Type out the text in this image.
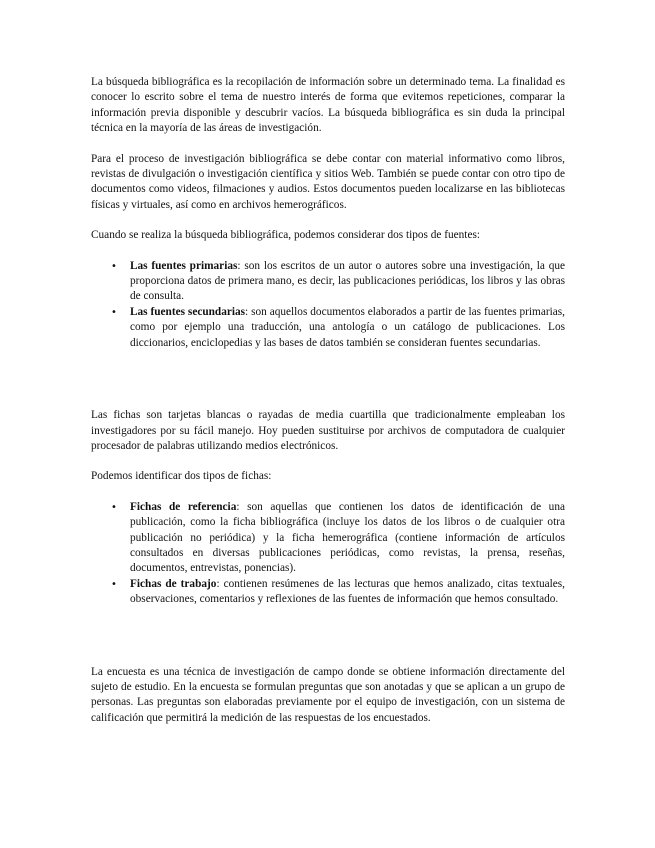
La búsqueda bibliográfica es la recopilación de información sobre un determinado tema. La finalidad es conocer lo escrito sobre el tema de nuestro interés de forma que evitemos repeticiones, comparar la información previa disponible y descubrir vacíos. La búsqueda bibliográfica es sin duda la principal técnica en la mayoría de las áreas de investigación.

Para el proceso de investigación bibliográfica se debe contar con material informativo como libros, revistas de divulgación o investigación científica y sitios Web. También se puede contar con otro tipo de documentos como videos, filmaciones y audios. Estos documentos pueden localizarse en las bibliotecas físicas y virtuales, así como en archivos hemerográficos.

Cuando se realiza la búsqueda bibliográfica, podemos considerar dos tipos de fuentes:

•	Las fuentes primarias: son los escritos de un autor o autores sobre una investigación, la que proporciona datos de primera mano, es decir, las publicaciones periódicas, los libros y las obras de consulta.
•	Las fuentes secundarias: son aquellos documentos elaborados a partir de las fuentes primarias, como por ejemplo una traducción, una antología o un catálogo de publicaciones. Los diccionarios, enciclopedias y las bases de datos también se consideran fuentes secundarias.

Las fichas son tarjetas blancas o rayadas de media cuartilla que tradicionalmente empleaban los investigadores por su fácil manejo. Hoy pueden sustituirse por archivos de computadora de cualquier procesador de palabras utilizando medios electrónicos.

Podemos identificar dos tipos de fichas:

•	Fichas de referencia: son aquellas que contienen los datos de identificación de una publicación, como la ficha bibliográfica (incluye los datos de los libros o de cualquier otra publicación no periódica) y la ficha hemerográfica (contiene información de artículos consultados en diversas publicaciones periódicas, como revistas, la prensa, reseñas, documentos, entrevistas, ponencias).
•	Fichas de trabajo: contienen resúmenes de las lecturas que hemos analizado, citas textuales, observaciones, comentarios y reflexiones de las fuentes de información que hemos consultado.

La encuesta es una técnica de investigación de campo donde se obtiene información directamente del sujeto de estudio. En la encuesta se formulan preguntas que son anotadas y que se aplican a un grupo de personas. Las preguntas son elaboradas previamente por el equipo de investigación, con un sistema de calificación que permitirá la medición de las respuestas de los encuestados.
